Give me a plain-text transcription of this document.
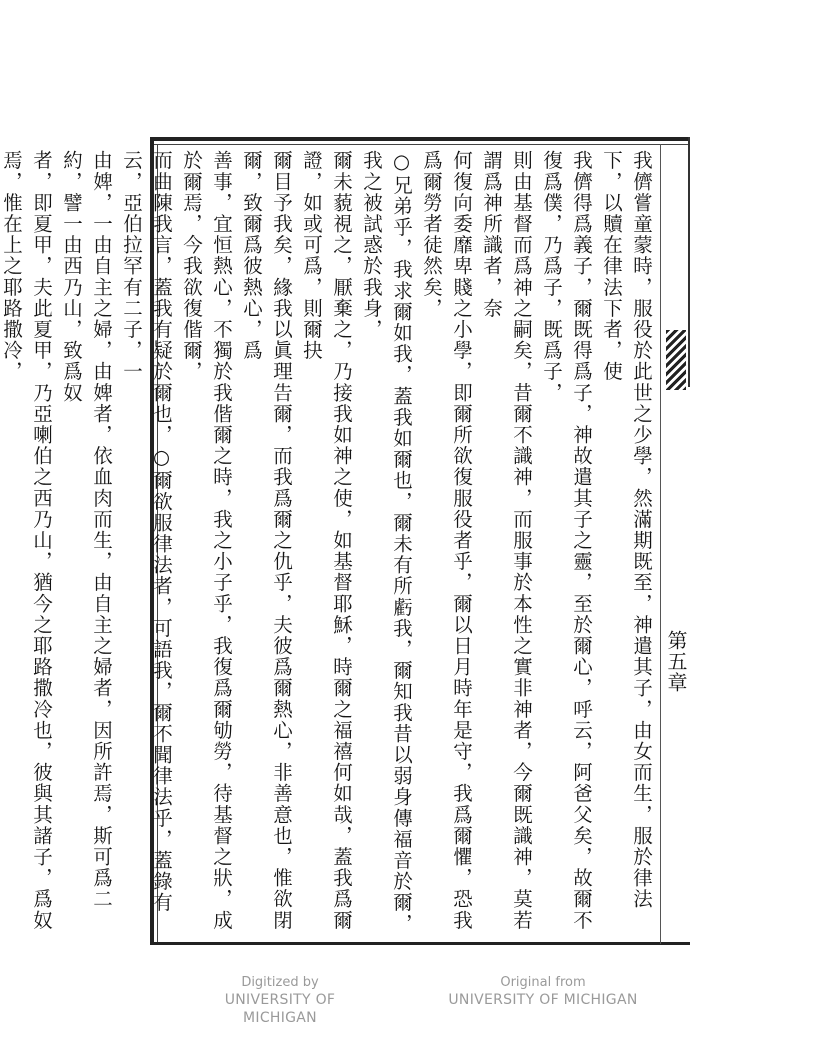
第五章
我儕嘗童蒙時，服役於此世之少學，然滿期既至，神遣其子，由女而生，服於律法下，以贖在律法下者，使
我儕得爲義子，爾既得爲子，神故遣其子之靈，至於爾心，呼云，阿爸父矣，故爾不復爲僕，乃爲子，既爲子，
則由基督而爲神之嗣矣，昔爾不識神，而服事於本性之實非神者，今爾既識神，莫若謂爲神所識者，奈
何復向委靡卑賤之小學，即爾所欲復服役者乎，爾以日月時年是守，我爲爾懼，恐我爲爾勞者徒然矣，
○兄弟乎，我求爾如我，蓋我如爾也，爾未有所虧我，爾知我昔以弱身傳福音於爾，我之被試惑於我身，
爾未藐視之，厭棄之，乃接我如神之使，如基督耶穌，時爾之福禧何如哉，蓋我爲爾證，如或可爲，則爾抉
爾目予我矣，緣我以眞理告爾，而我爲爾之仇乎，夫彼爲爾熱心，非善意也，惟欲閉爾，致爾爲彼熱心，爲
善事，宜恒熱心，不獨於我偕爾之時，我之小子乎，我復爲爾劬勞，待基督之狀，成於爾焉，今我欲復偕爾，
而曲陳我言，蓋我有疑於爾也，○爾欲服律法者，可語我，爾不聞律法乎，蓋錄有云，亞伯拉罕有二子，一
由婢，一由自主之婦，由婢者，依血肉而生，由自主之婦者，因所許焉，斯可爲二約，譬一由西乃山，致爲奴
者，即夏甲，夫此夏甲，乃亞喇伯之西乃山，猶今之耶路撒冷也，彼與其諸子，爲奴焉，惟在上之耶路撒冷，
Digitized by
UNIVERSITY OF MICHIGAN
Original from
UNIVERSITY OF MICHIGAN
